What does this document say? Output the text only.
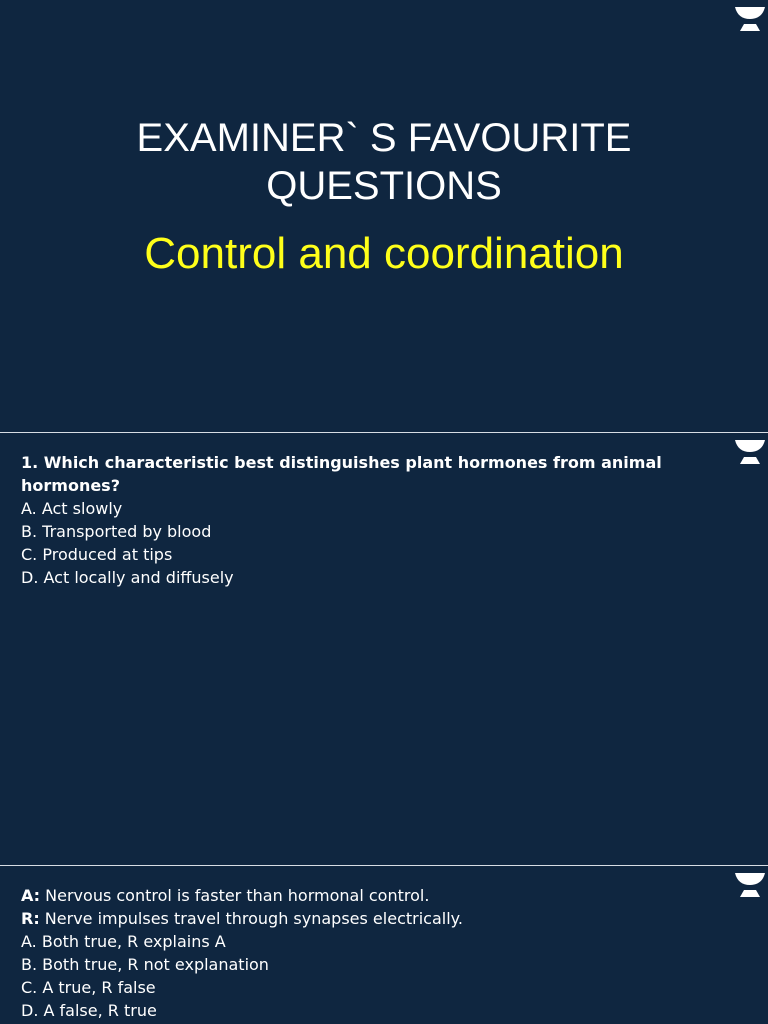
EXAMINER` S FAVOURITE
QUESTIONS
Control and coordination
1. Which characteristic best distinguishes plant hormones from animal hormones?
A. Act slowly
B. Transported by blood
C. Produced at tips
D. Act locally and diffusely
A: Nervous control is faster than hormonal control.
R: Nerve impulses travel through synapses electrically.
A. Both true, R explains A
B. Both true, R not explanation
C. A true, R false
D. A false, R true
